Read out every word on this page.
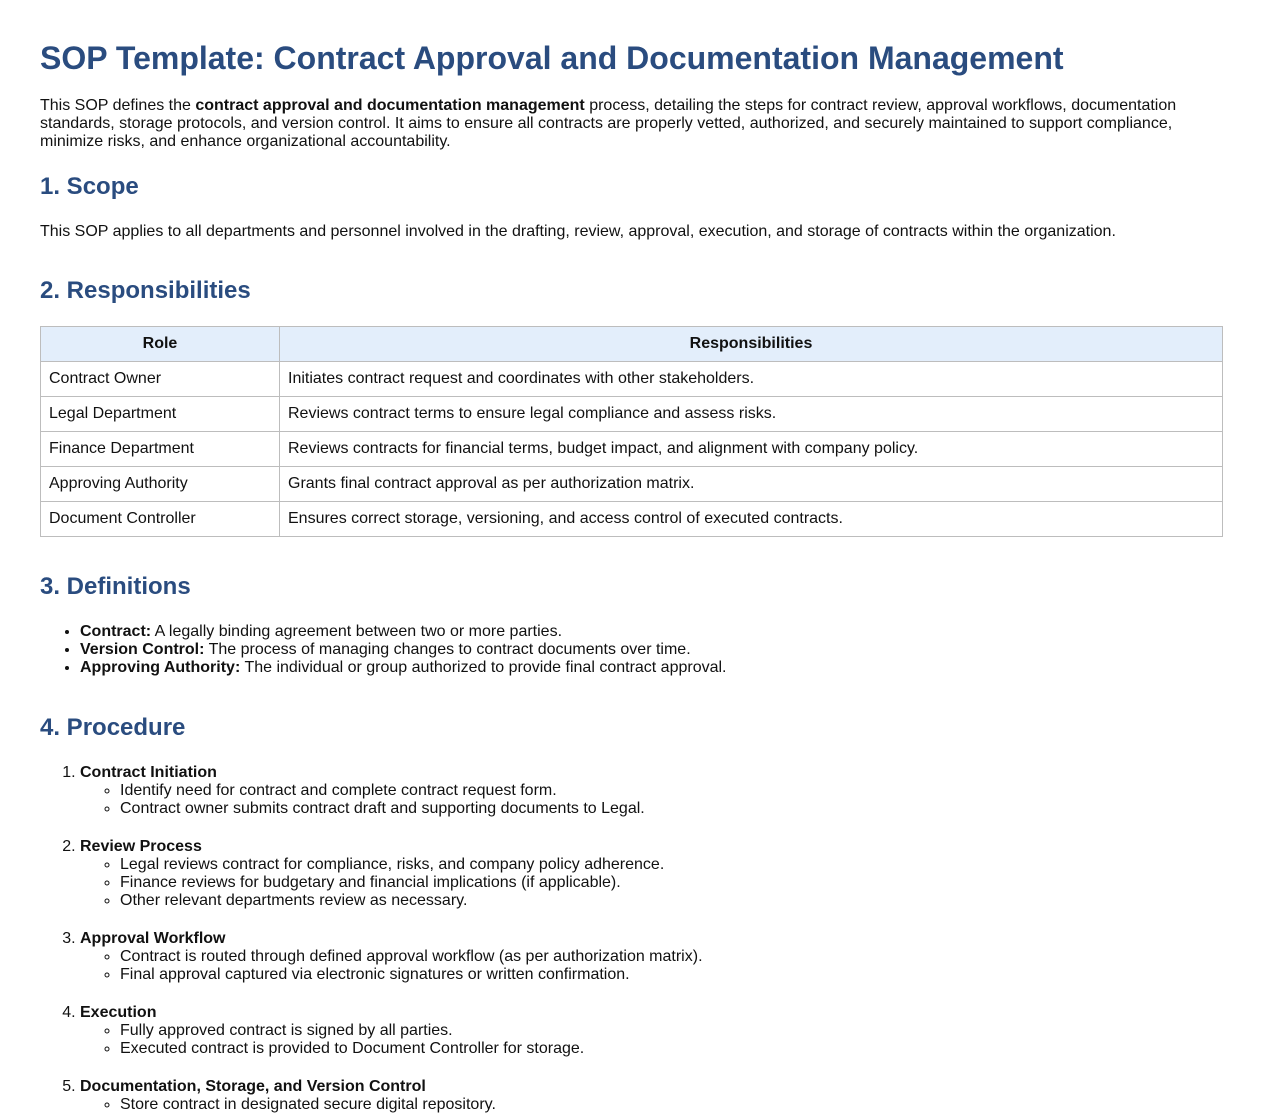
SOP Template: Contract Approval and Documentation Management

This SOP defines the contract approval and documentation management process, detailing the steps for contract review, approval workflows, documentation standards, storage protocols, and version control. It aims to ensure all contracts are properly vetted, authorized, and securely maintained to support compliance, minimize risks, and enhance organizational accountability.

1. Scope

This SOP applies to all departments and personnel involved in the drafting, review, approval, execution, and storage of contracts within the organization.

2. Responsibilities
Role	Responsibilities
Contract Owner	Initiates contract request and coordinates with other stakeholders.
Legal Department	Reviews contract terms to ensure legal compliance and assess risks.
Finance Department	Reviews contracts for financial terms, budget impact, and alignment with company policy.
Approving Authority	Grants final contract approval as per authorization matrix.
Document Controller	Ensures correct storage, versioning, and access control of executed contracts.
3. Definitions
• Contract: A legally binding agreement between two or more parties.
• Version Control: The process of managing changes to contract documents over time.
• Approving Authority: The individual or group authorized to provide final contract approval.
4. Procedure
1. Contract Initiation
◦ Identify need for contract and complete contract request form.
◦ Contract owner submits contract draft and supporting documents to Legal.
2. Review Process
◦ Legal reviews contract for compliance, risks, and company policy adherence.
◦ Finance reviews for budgetary and financial implications (if applicable).
◦ Other relevant departments review as necessary.
3. Approval Workflow
◦ Contract is routed through defined approval workflow (as per authorization matrix).
◦ Final approval captured via electronic signatures or written confirmation.
4. Execution
◦ Fully approved contract is signed by all parties.
◦ Executed contract is provided to Document Controller for storage.
5. Documentation, Storage, and Version Control
◦ Store contract in designated secure digital repository.
